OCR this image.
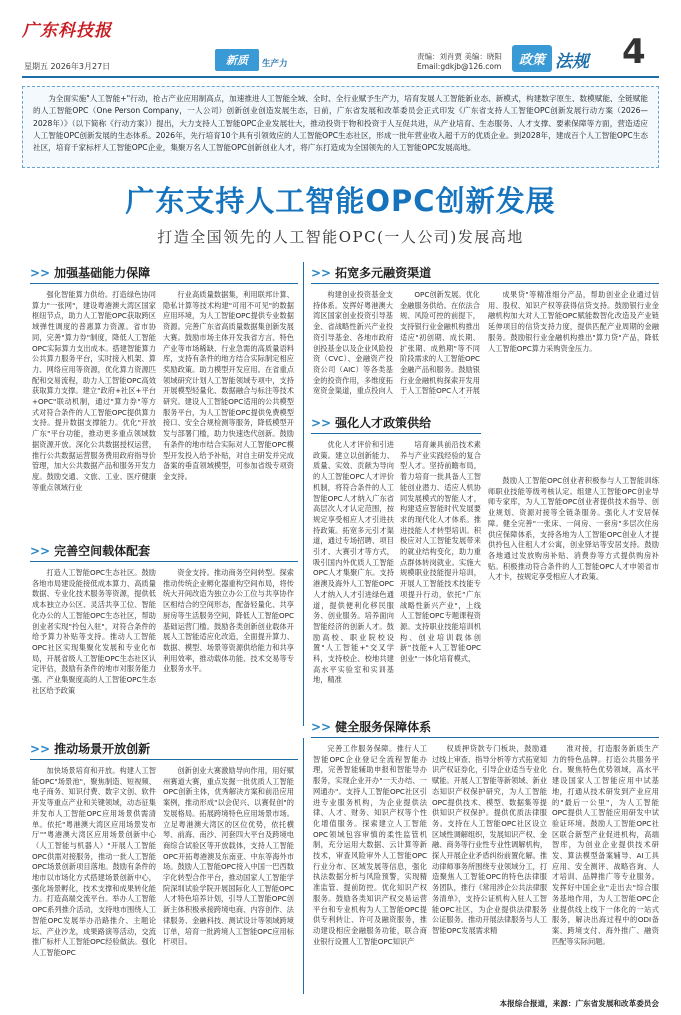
广东科技报
星期五 2026年3月27日	新质	生产力
责编：刘肖贾 美编：晓阳
Email:gdkjb@126.com	政策 法规 4
为全面实施"人工智能+"行动，抢占产业应用制高点，加速推进人工智能全域、全时、全行业赋予生产力，培育发展人工智能新业态、新模式，构建数字原生、数模赋能、全链赋能的人工智能OPC（One Person Company，一人公司）创新创业创造发展生态，日前，广东省发展和改革委员会正式印发《广东省支持人工智能OPC创新发展行动方案（2026—2028年）》（以下简称《行动方案》）提出，大力支持人工智能OPC企业发展壮大，推动投资于物和投资于人互促共进，从产业培育、生态服务、人才支撑、要素保障等方面，营造适应人工智能OPC创新发展的生态体系。2026年，先行培育10个具有引领效应的人工智能OPC生态社区，形成一批年营业收入超千万的优质企业。到2028年，建成百个人工智能OPC生态社区，培育千家标杆人工智能OPC企业，集聚万名人工智能OPC创新创业人才，将广东打造成为全国领先的人工智能OPC发展高地。
广东支持人工智能OPC创新发展
打造全国领先的人工智能OPC(一人公司)发展高地
>> 加强基础能力保障

强化智能算力供给。打造绿色协同算力"一张网"，建设粤港澳大湾区国家枢纽节点，助力人工智能OPC获取跨区域弹性调度的普惠算力资源。省市协同，完善"算力券"制度，降低人工智能OPC实际算力支出成本。搭建智能算力公共算力服务平台，实时接入机架、算力、网络应用等资源，优化算力资源匹配和交易流程，助力人工智能OPC高效获取算力支撑。建立"政府+社区+平台+OPC"联动机制，通过"算力券"等方式对符合条件的人工智能OPC提供算力支持。提升数据支撑能力。优化"开放广东"平台功能，推动更多重点领域数据资源开放。深化公共数据授权运营，推行公共数据运营服务费用政府指导价管理，加大公共数据产品和服务开发力度。鼓励交通、文旅、工业、医疗健康等重点领域行业

行业高质量数据集，利用联邦计算、隐私计算等技术构建"可用不可见"的数据应用环境，为人工智能OPC提供专业数据资源。完善广东省高质量数据集创新发展大赛。鼓励市场主体开发我省方言、特色产业等市场稀缺、行业急需的高质量语料库，支持有条件的地方结合实际制定相应奖励政策。助力模型开发应用。在省重点领域研究计划人工智能领域专项中，支持开展模型轻量化、数据融合与标注等技术研究。建设人工智能OPC适用的公共模型服务平台，为人工智能OPC提供免费模型接口、安全合规检测等服务，降低模型开发与部署门槛，助力快速迭代创新。鼓励有条件的地市结合实际对人工智能OPC模型开发投入给予补贴，对自主研发并完成备案的垂直领域模型，可参加省级专项资金支持。

>> 拓宽多元融资渠道

构建创业投资基金支持体系。发挥好粤港澳大湾区国家创业投资引导基金、省战略性新兴产业投资引导基金、各地市政府创投基金以及企业风险投资（CVC）、金融资产投资公司（AIC）等各类基金的投资作用，多维度拓宽资金渠道，重点投向人

OPC创新发展。优化金融服务供给。在依法合规、风险可控的前提下，支持银行业金融机构推出适应"初创期、成长期、扩张期、成熟期"等不同阶段需求的人工智能OPC金融产品和服务。鼓励银行业金融机构探索开发用于人工智能OPC人才开展

成果贷"等精准细分产品，帮助创业企业通过信用、股权、知识产权等获得信贷支持。鼓励银行业金融机构加大对人工智能OPC赋能数智化改造及产业链延伸项目的信贷支持力度，提供匹配产业周期的金融服务。鼓励银行业金融机构推出"算力贷"产品，降低人工智能OPC算力采购资金压力。

>> 强化人才政策供给

优化人才评价和引进政策。建立以创新能力、质量、实效、贡献为导向的人工智能OPC人才评价机制，将符合条件的人工智能OPC人才纳入广东省高层次人才认定范围，按规定享受相应人才引进扶持政策。拓宽多元引才渠道，通过专场招聘、项目引才、大赛引才等方式，吸引国内外优质人工智能OPC人才集聚广东。支持港澳及海外人工智能OPC人才纳入人才引进绿色通道，提供便利化移民服务、创业服务。培养面向智能经济的创新人才。鼓励高校、职业院校设置"人工智能+"交叉学科，支持校企、校地共建高水平实验室和实训基地，精准

培育兼具前沿技术素养与产业实践经验的复合型人才。坚持前瞻布局，着力培育一批具备人工智能创业潜力、适应人机协同发展模式的智能人才，构建适应智能时代发展要求的现代化人才体系。推进技能人才转型培训。积极应对人工智能发展带来的就业结构变化，助力重点群体转岗就业。实施大规模职业技能提升培训，开展人工智能技术技能专项提升行动，依托"广东战略性新兴产业"，上线人工智能OPC专题课程资源。支持职业技能培训机构、创业培训载体创新"技能+人工智能OPC创业"一体化培育模式，

鼓励人工智能OPC创业者积极参与人工智能训练师职业技能等级考核认定。组建人工智能OPC创业导师专家库，为人工智能OPC创业者提供技术指导、创业规划、资源对接等全链条服务。强化人才安居保障。健全完善"一张床、一间房、一套房"多层次住房供应保障体系，支持各地为人工智能OPC创业人才提供拎包入住租人才公寓，创业驿站等安居支持。鼓励各地通过发放购房补贴、消费券等方式提供购房补贴。积极推动符合条件的人工智能OPC人才申领省市人才卡，按规定享受相应人才政策。

>> 完善空间载体配套

打造人工智能OPC生态社区。鼓励各地市局建设能接低成本算力、高质量数据、专业化技术服务等资源，提供低成本独立办公区、灵活共享工位、智能化办公的人工智能OPC生态社区，帮助创业者实现"拎包入驻"，对符合条件的给予算力补贴等支持。推动人工智能OPC社区实现集聚化发展和专业化布局，开展省级人工智能OPC生态社区认定评估，鼓励有条件的地市对服务能力强、产业集聚度高的人工智能OPC生态社区给予政策

资金支持。推动商务空间转型。探索推动传统企业孵化器重构空间布局，将传统大开间改造为独立办公工位与共享协作区相结合的空间形态，配备轻量化、共享厨房等生活服务空间，降低人工智能OPC基础运营门槛。鼓励各类创新创业载体开展人工智能适应化改造，全面提升算力、数据、模型、场景等资源供给能力和共享利用效率，推动载体功能、技术交易等专业服务水平。

>> 推动场景开放创新

加快场景培育和开放。构建人工智能OPC"场景池"，聚焦制造、短视频、电子商务、知识付费、数字文创、软件开发等重点产业和关键领域，动态征集并发布人工智能OPC应用场景供需清单。依托"粤港澳大湾区应用场景发布厅""粤港澳大湾区应用场景创新中心（人工智能与机器人）"开展人工智能OPC供需对接服务，推动一批人工智能OPC场景创新项目落地。鼓励有条件的地市以市场化方式搭建场景创新中心，强化场景孵化，技术支撑和成果转化能力。打造高端交流平台。举办人工智能OPC系列推介活动，支持地市围绕人工智能OPC发展举办沿路推介、主题论坛、产业沙龙，成果路演等活动，交流推广标杆人工智能OPC经验做法。强化人工智能OPC

创新创业大赛激励导向作用，用好赋州赛道大赛，重点发掘一批优质人工智能OPC创新主体，优秀解决方案和前沿应用案例，推动形成"以会促兴、以赛促创"的发展格局。拓展跨境特色应用场景市场。立足粤港澳大湾区的区位优势，依托横琴、前海、南沙、河套四大平台及跨境电商综合试验区等开放载体，支持人工智能OPC开拓粤港澳及东南亚、中东等海外市场。鼓励人工智能OPC接入中国一巴西数字化转型合作平台，推动国家人工智能学院深圳试验学院开展国际化人工智能OPC人才特色培养计划，引导人工智能OPC创新主体积极承接跨境电商、内容创作、法律服务、金融科技、测试设计等领域跨境订单，培育一批跨境人工智能OPC应用标杆项目。

>> 健全服务保障体系

完善工作服务保障。推行人工智能OPC企业登记全流程智能办理，完善智能辅助申报和智能导办服务，实现企业开办"一天办结、一网通办"。支持人工智能OPC社区引进专业服务机构，为企业提供法律、人才、财务、知识产权等个性化增值服务。探索建立人工智能OPC领域包容审慎的柔性监管机制，充分运用大数据、云计算等新技术，审查风险审外人工智能OPC行业分布、区域发展等信息，强化执法数据分析与风险预警，实现精准监管、提前防控。优化知识产权服务。鼓励各类知识产权交易运营平台和专业机构为人工智能OPC提供专利转让、许可及融资服务，推动建设相应金融服务功能，联合商业银行设置人工智能OPC知识产

权质押贷款专门板块，鼓励通过线上审查、指导分析等方式拓宽知识产权证券化，引导企业适当专业化赋能。开展人工智能等新领域、新业态知识产权保护研究，为人工智能OPC提供技术、模型、数据集等提供知识产权保护。提供优质法律服务。支持在人工智能OPC社区设立区域性调解组织，发展知识产权、金融、商务等行业性专业性调解机构，探人开展企业矛盾纠纷前置化解。推动律师事务所围绕专业领域分工，打造聚焦人工智能OPC的特色法律服务团队，推行《常用涉企公共法律服务清单》，支持公证机构入驻人工智能OPC社区，为企业提供法律服务公证服务。推动开展法律服务与人工智能OPC发展需求精

准对接，打造服务新质生产力的特色品牌。打造公共服务平台。聚焦特色优势领域，高水平建设国家人工智能应用中试基地，打通从技术研发到产业应用的"最后一公里"，为人工智能OPC提供人工智能应用研发中试验证环境。鼓励人工智能OPC社区联合新型产业促进机构，高端智库，为创业企业提供技术研发、算法模型备案辅导、AI工具应用、安全测评、战略咨询、人才培训、品牌推广等专业服务。发挥好中国企业"走出去"综合服务基地作用，为人工智能OPC企业提供线上线下一体化的一站式服务，解决出海过程中的ODI备案、跨境支付、海外推广、融资匹配等实际问题。

本报综合报道，来源：广东省发展和改革委员会
